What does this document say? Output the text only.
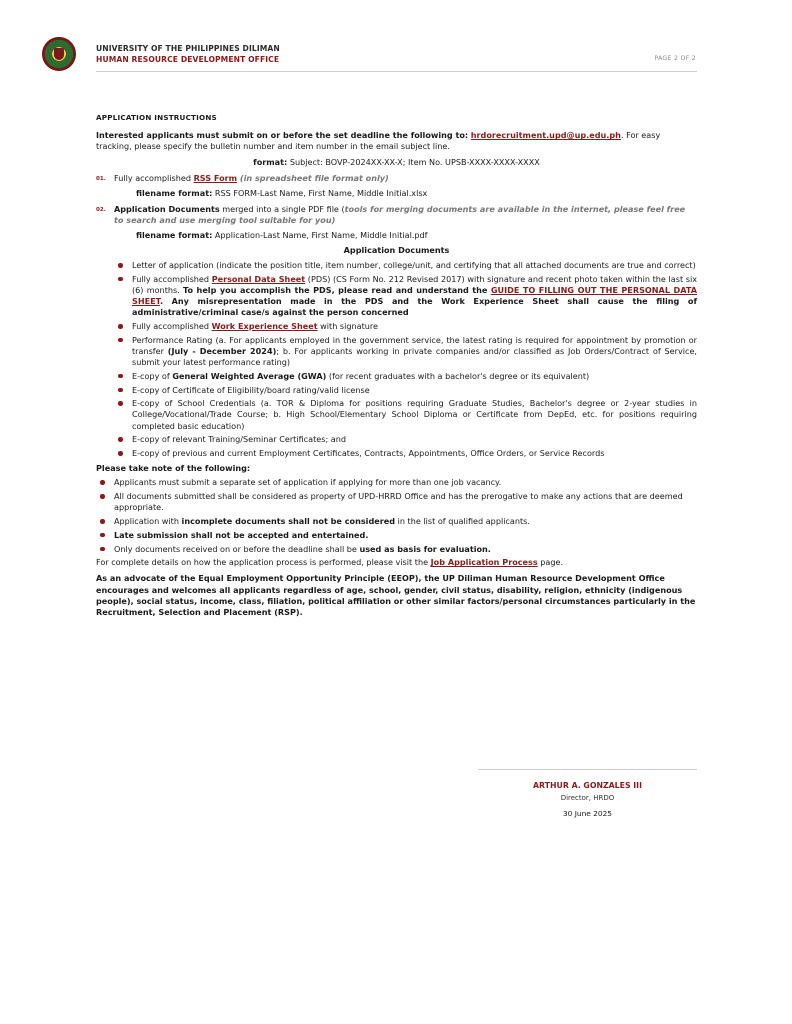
UNIVERSITY OF THE PHILIPPINES DILIMAN
HUMAN RESOURCE DEVELOPMENT OFFICE	PAGE 2 OF 2
APPLICATION INSTRUCTIONS
Interested applicants must submit on or before the set deadline the following to: hrdorecruitment.upd@up.edu.ph. For easy tracking, please specify the bulletin number and item number in the email subject line.
format: Subject: BOVP-2024XX-XX-X; Item No. UPSB-XXXX-XXXX-XXXX
01. Fully accomplished RSS Form (in spreadsheet file format only)
filename format: RSS FORM-Last Name, First Name, Middle Initial.xlsx
02. Application Documents merged into a single PDF file (tools for merging documents are available in the internet, please feel free to search and use merging tool suitable for you)
filename format: Application-Last Name, First Name, Middle Initial.pdf
Application Documents
Letter of application (indicate the position title, item number, college/unit, and certifying that all attached documents are true and correct)
Fully accomplished Personal Data Sheet (PDS) (CS Form No. 212 Revised 2017) with signature and recent photo taken within the last six (6) months. To help you accomplish the PDS, please read and understand the GUIDE TO FILLING OUT THE PERSONAL DATA SHEET. Any misrepresentation made in the PDS and the Work Experience Sheet shall cause the filing of administrative/criminal case/s against the person concerned
Fully accomplished Work Experience Sheet with signature
Performance Rating (a. For applicants employed in the government service, the latest rating is required for appointment by promotion or transfer (July - December 2024); b. For applicants working in private companies and/or classified as Job Orders/Contract of Service, submit your latest performance rating)
E-copy of General Weighted Average (GWA) (for recent graduates with a bachelor's degree or its equivalent)
E-copy of Certificate of Eligibility/board rating/valid license
E-copy of School Credentials (a. TOR & Diploma for positions requiring Graduate Studies, Bachelor's degree or 2-year studies in College/Vocational/Trade Course; b. High School/Elementary School Diploma or Certificate from DepEd, etc. for positions requiring completed basic education)
E-copy of relevant Training/Seminar Certificates; and
E-copy of previous and current Employment Certificates, Contracts, Appointments, Office Orders, or Service Records
Please take note of the following:
Applicants must submit a separate set of application if applying for more than one job vacancy.
All documents submitted shall be considered as property of UPD-HRRD Office and has the prerogative to make any actions that are deemed appropriate.
Application with incomplete documents shall not be considered in the list of qualified applicants.
Late submission shall not be accepted and entertained.
Only documents received on or before the deadline shall be used as basis for evaluation.
For complete details on how the application process is performed, please visit the Job Application Process page.
As an advocate of the Equal Employment Opportunity Principle (EEOP), the UP Diliman Human Resource Development Office encourages and welcomes all applicants regardless of age, school, gender, civil status, disability, religion, ethnicity (indigenous people), social status, income, class, filiation, political affiliation or other similar factors/personal circumstances particularly in the Recruitment, Selection and Placement (RSP).
ARTHUR A. GONZALES III
Director, HRDO
30 June 2025
